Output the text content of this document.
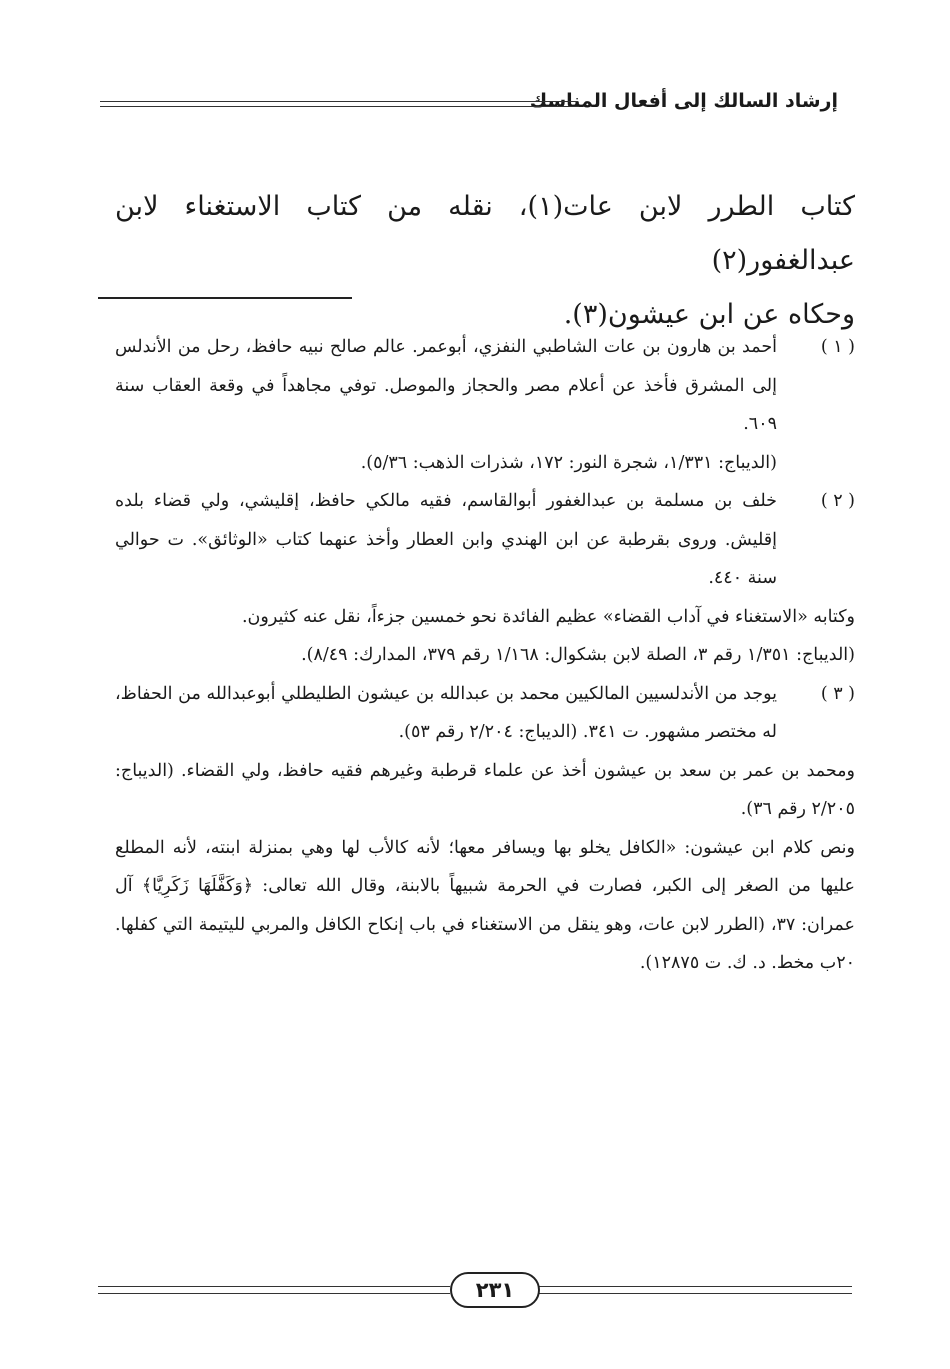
إرشاد السالك إلى أفعال المناسك

كتاب الطرر لابن عات(١)، نقله من كتاب الاستغناء لابن عبدالغفور(٢)

وحكاه عن ابن عيشون(٣).

( ١ )

أحمد بن هارون بن عات الشاطبي النفزي، أبوعمر. عالم صالح نبيه حافظ، رحل من الأندلس إلى المشرق فأخذ عن أعلام مصر والحجاز والموصل. توفي مجاهداً في وقعة العقاب سنة ٦٠٩.

(الديباج: ١/٣٣١، شجرة النور: ١٧٢، شذرات الذهب: ٥/٣٦).

( ٢ )

خلف بن مسلمة بن عبدالغفور أبوالقاسم، فقيه مالكي حافظ، إقليشي، ولي قضاء بلده إقليش. وروى بقرطبة عن ابن الهندي وابن العطار وأخذ عنهما كتاب «الوثائق». ت حوالي سنة ٤٤٠.

وكتابه «الاستغناء في آداب القضاء» عظيم الفائدة نحو خمسين جزءاً، نقل عنه كثيرون.

(الديباج: ١/٣٥١ رقم ٣، الصلة لابن بشكوال: ١/١٦٨ رقم ٣٧٩، المدارك: ٨/٤٩).

( ٣ )

يوجد من الأندلسيين المالكيين محمد بن عبدالله بن عيشون الطليطلي أبوعبدالله من الحفاظ، له مختصر مشهور. ت ٣٤١. (الديباج: ٢/٢٠٤ رقم ٥٣).

ومحمد بن عمر بن سعد بن عيشون أخذ عن علماء قرطبة وغيرهم فقيه حافظ، ولي القضاء. (الديباج: ٢/٢٠٥ رقم ٣٦).

ونص كلام ابن عيشون: «الكافل يخلو بها ويسافر معها؛ لأنه كالأب لها وهي بمنزلة ابنته، لأنه المطلع عليها من الصغر إلى الكبر، فصارت في الحرمة شبيهاً بالابنة، وقال الله تعالى: ﴿وَكَفَّلَهَا زَكَرِيَّا﴾ آل عمران: ٣٧، (الطرر لابن عات، وهو ينقل من الاستغناء في باب إنكاح الكافل والمربي لليتيمة التي كفلها. ٢٠ب مخط. د. ك. ت ١٢٨٧٥).

٢٣١
